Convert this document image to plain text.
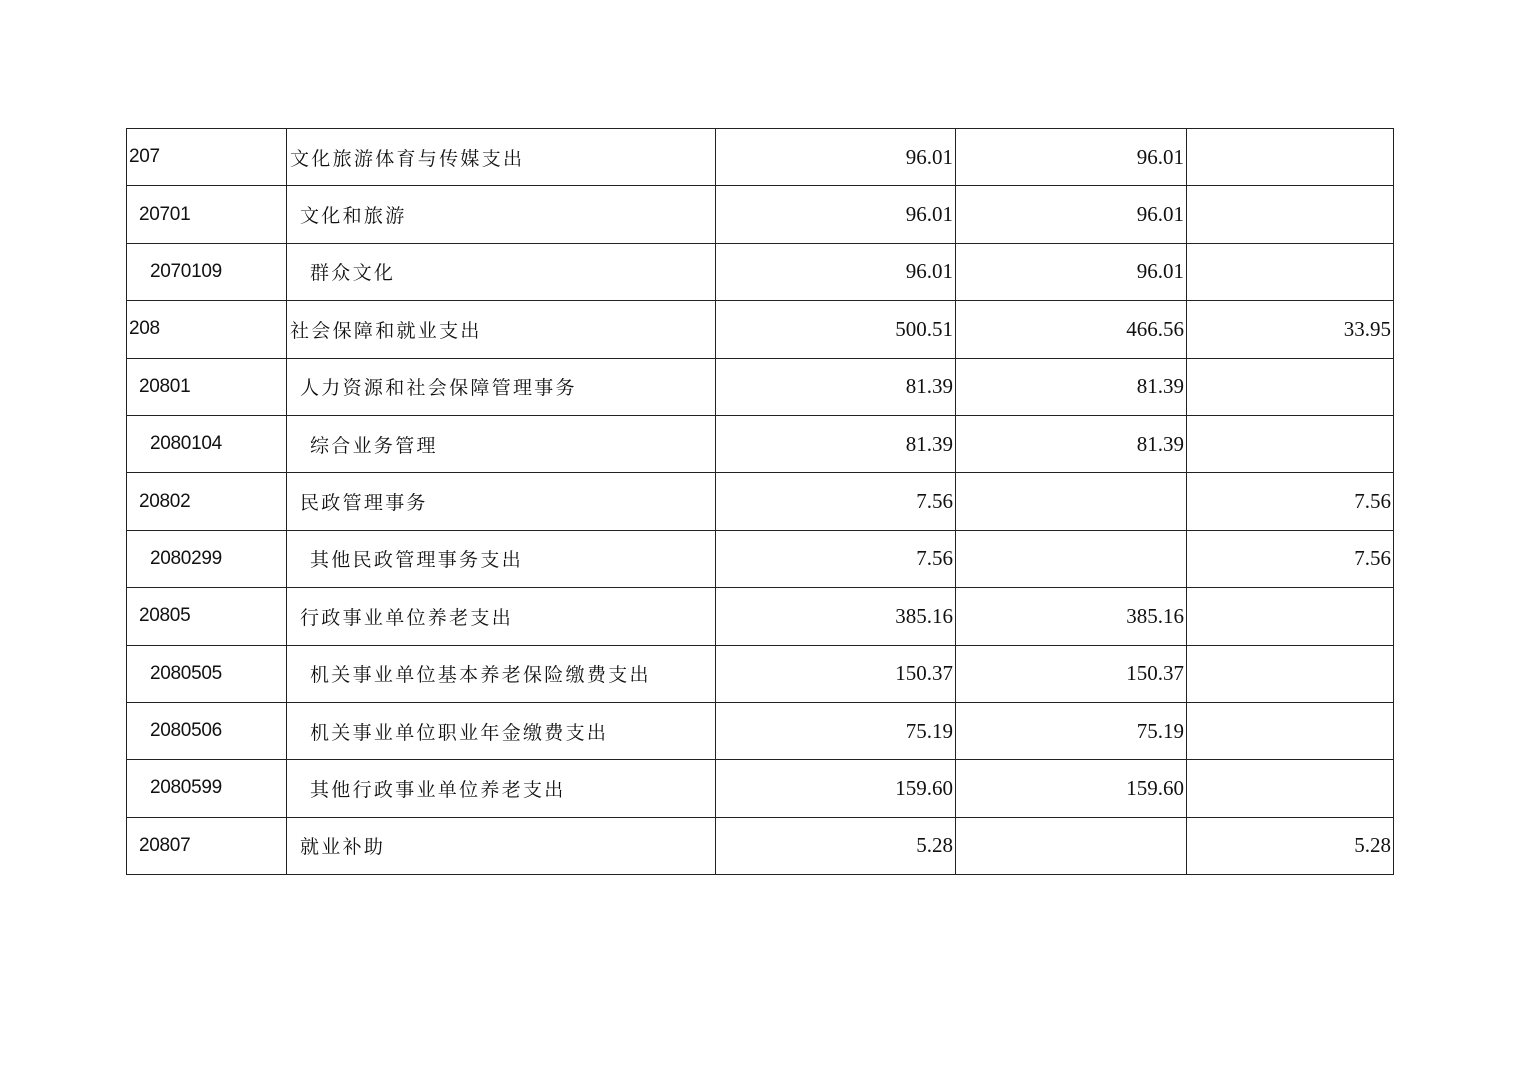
207	文化旅游体育与传媒支出	96.01	96.01	
20701	文化和旅游	96.01	96.01	
2070109	群众文化	96.01	96.01	
208	社会保障和就业支出	500.51	466.56	33.95
20801	人力资源和社会保障管理事务	81.39	81.39	
2080104	综合业务管理	81.39	81.39	
20802	民政管理事务	7.56		7.56
2080299	其他民政管理事务支出	7.56		7.56
20805	行政事业单位养老支出	385.16	385.16	
2080505	机关事业单位基本养老保险缴费支出	150.37	150.37	
2080506	机关事业单位职业年金缴费支出	75.19	75.19	
2080599	其他行政事业单位养老支出	159.60	159.60	
20807	就业补助	5.28		5.28
